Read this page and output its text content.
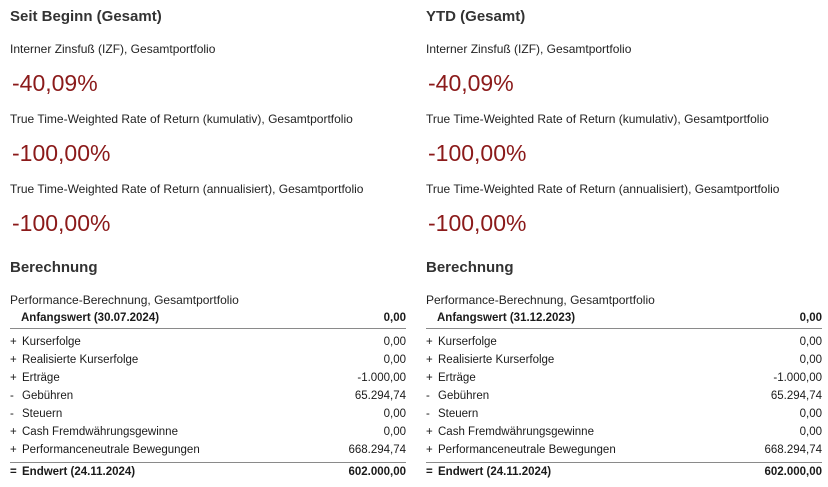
Seit Beginn (Gesamt)
Interner Zinsfuß (IZF), Gesamtportfolio
-40,09%
True Time-Weighted Rate of Return (kumulativ), Gesamtportfolio
-100,00%
True Time-Weighted Rate of Return (annualisiert), Gesamtportfolio
-100,00%
Berechnung
Performance-Berechnung, Gesamtportfolio
Anfangswert (30.07.2024)	0,00
+ Kurserfolge	0,00
+ Realisierte Kurserfolge	0,00
+ Erträge	-1.000,00
- Gebühren	65.294,74
- Steuern	0,00
+ Cash Fremdwährungsgewinne	0,00
+ Performanceneutrale Bewegungen	668.294,74
= Endwert (24.11.2024)	602.000,00
YTD (Gesamt)
Interner Zinsfuß (IZF), Gesamtportfolio
-40,09%
True Time-Weighted Rate of Return (kumulativ), Gesamtportfolio
-100,00%
True Time-Weighted Rate of Return (annualisiert), Gesamtportfolio
-100,00%
Berechnung
Performance-Berechnung, Gesamtportfolio
Anfangswert (31.12.2023)	0,00
+ Kurserfolge	0,00
+ Realisierte Kurserfolge	0,00
+ Erträge	-1.000,00
- Gebühren	65.294,74
- Steuern	0,00
+ Cash Fremdwährungsgewinne	0,00
+ Performanceneutrale Bewegungen	668.294,74
= Endwert (24.11.2024)	602.000,00
